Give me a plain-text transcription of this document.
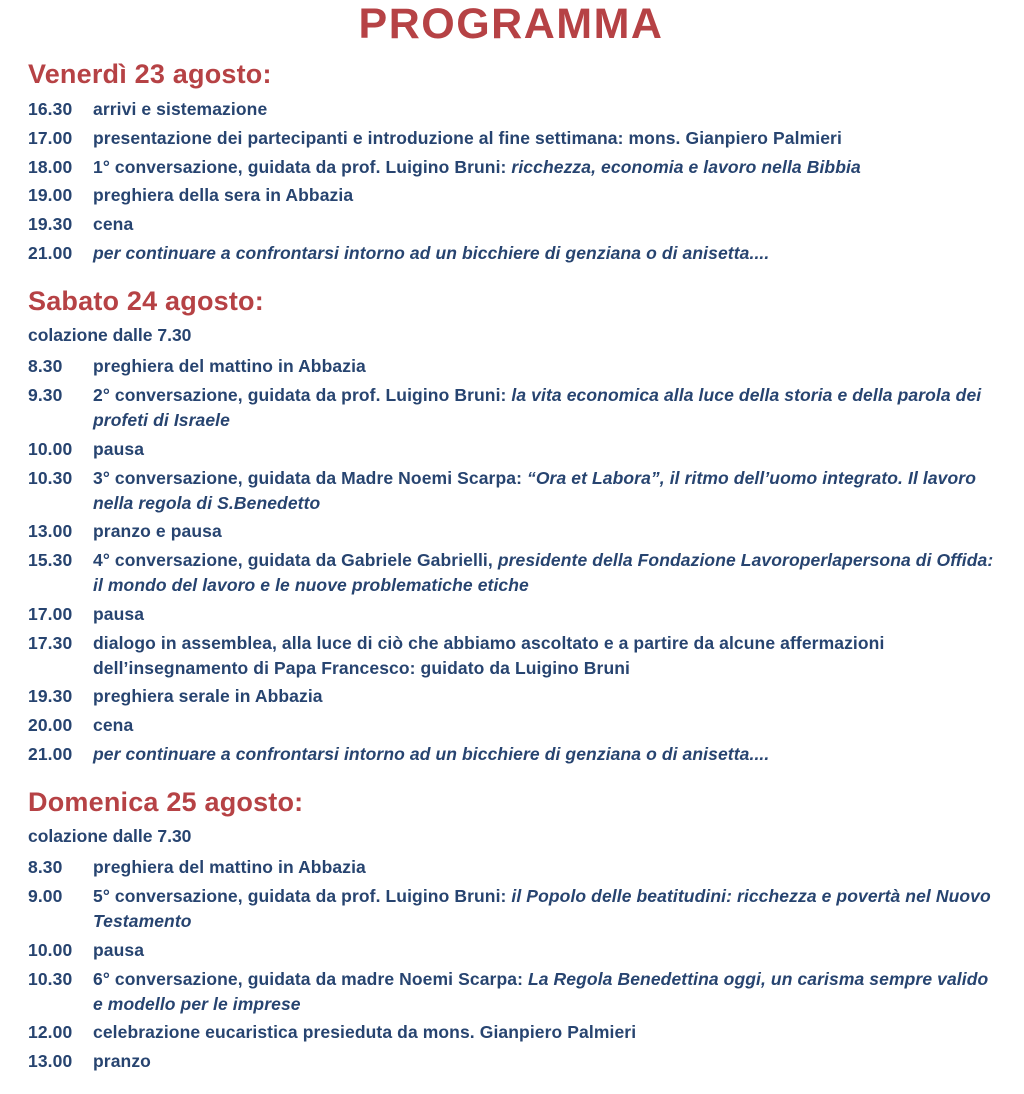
PROGRAMMA
Venerdì 23 agosto:
16.30	arrivi e sistemazione
17.00	presentazione dei partecipanti e introduzione al fine settimana: mons. Gianpiero Palmieri
18.00	1° conversazione, guidata da prof. Luigino Bruni: ricchezza, economia e lavoro nella Bibbia
19.00	preghiera della sera in Abbazia
19.30	cena
21.00	per continuare a confrontarsi intorno ad un bicchiere di genziana o di anisetta....
Sabato 24 agosto:

colazione dalle 7.30

8.30	preghiera del mattino in Abbazia
9.30	2° conversazione, guidata da prof. Luigino Bruni: la vita economica alla luce della storia e della parola dei profeti di Israele
10.00	pausa
10.30	3° conversazione, guidata da Madre Noemi Scarpa: “Ora et Labora”, il ritmo dell’uomo integrato. Il lavoro nella regola di S.Benedetto
13.00	pranzo e pausa
15.30	4° conversazione, guidata da Gabriele Gabrielli, presidente della Fondazione Lavoroperlapersona di Offida: il mondo del lavoro e le nuove problematiche etiche
17.00	pausa
17.30	dialogo in assemblea, alla luce di ciò che abbiamo ascoltato e a partire da alcune affermazioni dell’insegnamento di Papa Francesco: guidato da Luigino Bruni
19.30	preghiera serale in Abbazia
20.00	cena
21.00	per continuare a confrontarsi intorno ad un bicchiere di genziana o di anisetta....
Domenica 25 agosto:

colazione dalle 7.30

8.30	preghiera del mattino in Abbazia
9.00	5° conversazione, guidata da prof. Luigino Bruni: il Popolo delle beatitudini: ricchezza e povertà nel Nuovo Testamento
10.00	pausa
10.30	6° conversazione, guidata da madre Noemi Scarpa: La Regola Benedettina oggi, un carisma sempre valido e modello per le imprese
12.00	celebrazione eucaristica presieduta da mons. Gianpiero Palmieri
13.00	pranzo
